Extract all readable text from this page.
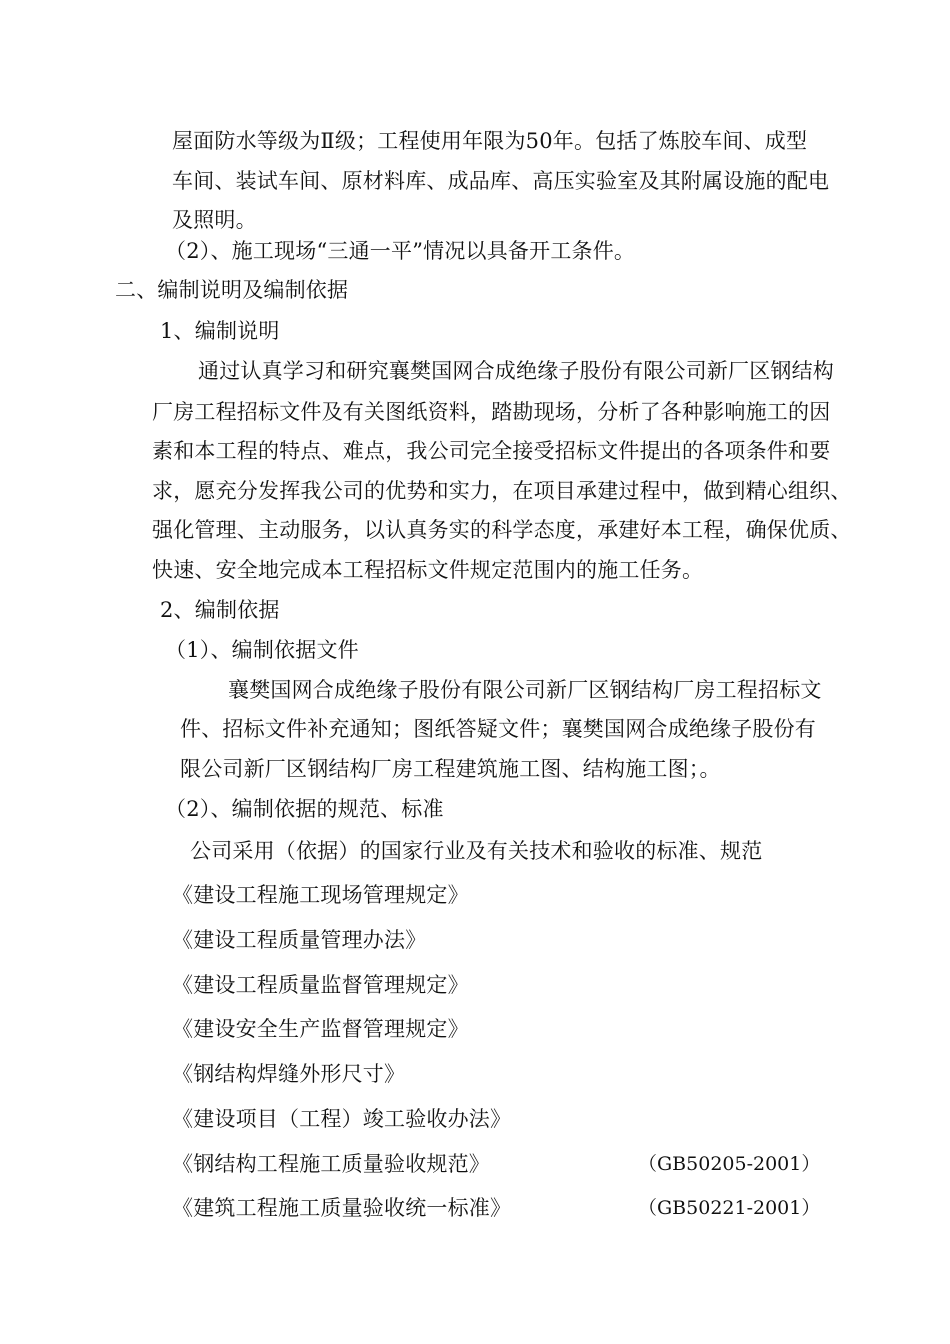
屋面防水等级为Ⅱ级；工程使用年限为50年。包括了炼胶车间、成型
车间、装试车间、原材料库、成品库、高压实验室及其附属设施的配电
及照明。
（2）、施工现场“三通一平”情况以具备开工条件。
二、编制说明及编制依据
1、编制说明
通过认真学习和研究襄樊国网合成绝缘子股份有限公司新厂区钢结构
厂房工程招标文件及有关图纸资料，踏勘现场，分析了各种影响施工的因
素和本工程的特点、难点，我公司完全接受招标文件提出的各项条件和要
求，愿充分发挥我公司的优势和实力，在项目承建过程中，做到精心组织、
强化管理、主动服务，以认真务实的科学态度，承建好本工程，确保优质、
快速、安全地完成本工程招标文件规定范围内的施工任务。
2、编制依据
（1）、编制依据文件
襄樊国网合成绝缘子股份有限公司新厂区钢结构厂房工程招标文
件、招标文件补充通知；图纸答疑文件；襄樊国网合成绝缘子股份有
限公司新厂区钢结构厂房工程建筑施工图、结构施工图；。
（2）、编制依据的规范、标准
公司采用（依据）的国家行业及有关技术和验收的标准、规范
《建设工程施工现场管理规定》
《建设工程质量管理办法》
《建设工程质量监督管理规定》
《建设安全生产监督管理规定》
《钢结构焊缝外形尺寸》
《建设项目（工程）竣工验收办法》
《钢结构工程施工质量验收规范》	（GB50205-2001）
《建筑工程施工质量验收统一标准》	（GB50221-2001）
